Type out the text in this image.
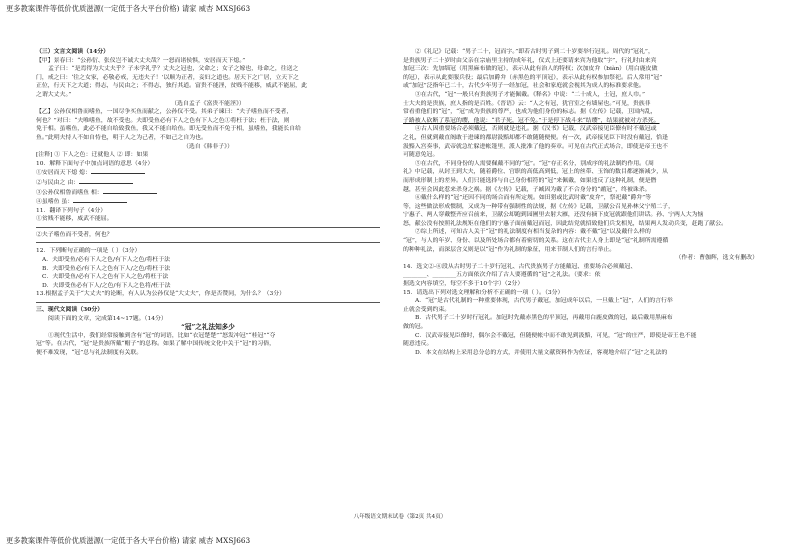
更多教案课件等低价优质滋源(一定低于各大平台价格) 请家 威杏 MXSJ663

（三）文言文阅读（14分）

【甲】景春曰：“公孙衍、张仪岂不诚大丈夫哉？一怒而诸侯惧，安居而天下熄。”

孟子曰：“是焉得为大丈夫乎？子未学礼乎？丈夫之冠也，父命之；女子之嫁也，母命之，往送之

门，戒之曰：‘往之女家，必敬必戒，无违夫子！’以顺为正者，妾妇之道也。居天下之广居，立天下之

正位，行天下之大道；得志，与民由之；不得志，独行其道。富贵不能淫，贫贱不能移，威武不能屈，此

之谓大丈夫。”

（选自孟子《富贵不能淫》）

【乙】公孙仪相鲁而嗜鱼，一国尽争买鱼而献之，公孙仪不受。其弟子谏曰：“夫子嗜鱼而不受者，

何也？”对曰：“夫唯嗜鱼，故不受也。夫即受鱼必有下人之色有下人之色①将枉于法；枉于法，则

免于相。虽嗜鱼，此必不能自给致我鱼，我又不能自给鱼。即无受鱼而不免于相，虽嗜鱼，我能长自给

鱼。”此明夫恃人不如自恃也，明于人之为己者，不如己之自为也。

（选自《韩非子》）

[注释] ① 下人之色：迁就他人 ② 即：如果

10．解释下面句子中加点词语的意思（4分）

①安居而天下熄 熄：

②与民由之 由：

③公孙仪相鲁而嗜鱼 相：

④虽嗜鱼 虽：

11．翻译下列句子（4分）

①贫贱不能移，威武不能屈。

②夫子嗜鱼而不受者，何也？

12．下列断句正确的一项是（ ）（3分）

A．夫即受鱼/必有下人之色/有下人之色/将枉于法

B．夫即受鱼必/有下人之色有下人/之色/将枉于法

C．夫即受鱼/必有下人之色有下人之色/将枉于法

D．夫即受鱼必有下人/之色/有下人之色将/枉于法

13.根据孟子关于“大丈夫”的论断，有人认为公孙仪是“大丈夫”，你是否赞同，为什么？（3分）

三、现代文阅读（30分）

阅读下面的文章，完成第14~17题。（14分）

“冠”之礼法知多少

①现代生活中，我们经常接触到含有“冠”的词语，比如“衣冠楚楚”“怒发冲冠”“桂冠”“夺

冠”等。在古代，“冠”是贵族所戴“帽子”的总称。如果了解中国传统文化中关于“冠”的习俗，

便不难发现，“冠”总与礼法制度有关联。

②《礼记》记载：“男子二十，冠而字。”即若古时男子到二十岁要举行冠礼。周代的“冠礼”，

是贵族男子二十岁时由父亲在宗庙里主持的成年礼，仪式上还要请来宾为他取“字”，行礼时由来宾

加冠三次：先加缁冠（用黑麻布做的冠），表示从此有治人的特权；次加皮弁（biàn）（用白鹿皮做

的冠），表示从此要服兵役；最后加爵弁（赤黑色的平顶冠），表示从此有权参加祭祀。后人常用“冠”

或“加冠”泛指年已二十，古代少年男子一经加冠，社会和家庭就会视其为成人的标准要求他。

③在古代，“冠”一般只有贵族男子才能佩戴。《释名》中说：“二十成人，士冠，庶人巾。”

士大夫的是贵族，庶人指的是百姓。《晋语》云：“人之有冠，犹宫室之有墙屋也。”可见，贵族非

常看重他们的“冠”，“冠”成为贵族的尊严，也成为他们身份的标志。据《左传》记载，卫国内乱，

子路被人砍断了系冠的缨，他说：“君子死，冠不免。”于是停下战斗来“结缨”，结果就被对方杀死。

④古人因重要场合必须戴冠，否则就是违礼。据《汉书》记载，汉武帝接见臣僚有时不戴冠或

之礼，但就到戴直阁敢于进谏的都尉汲黯却都不敢随随便便。有一次，武帝接见臣下时没有戴冠，恰逢

汲黯入宫奏事，武帝就急忙躲进帐篷里，派人批准了他的奏章。可见在古代正式场合，即使是帝王也不

可随意免冠。

⑤在古代，不同身份的人需要佩戴不同的“冠”。“冠”存正名分，别成序的礼法制约作用。《周

礼》中记载，从封王到大夫，随着爵位、官职的高低高到低，冠上的丝带、玉饰的数目都逐渐减少，从

而形成形制上的差异。人们只能选择与自己身份相符的“冠”来佩戴，如果违反了这种礼制，便是僭

越，甚至会因此惹来杀身之祸。据《左传》记载，子臧因为戴了不合身分的“鹬冠”，终被诛杀。

⑥戴什么样的“冠”还因不同的场合而有所定规。如田猎或比武时戴“皮弁”，祭祀戴“爵弁”等

等，这些做法形成惯制，又成为一种带有强制性的法规，据《左传》记载，卫献公召见孙林父宁殖二子，

宁惠子、两人穿戴整齐应召前来，卫献公却跑到园圃里去射大雁，还没有摘下皮冠就跟他们讲话。孙、宁两人大为恼

怒，献公没有按照礼法规矩在他们的宁惠子面前戴冠而冠，因此结党就招致他们兵戈相见，结果两人发动兵变，赶跑了献公。

⑦综上所述，可知古人关于“冠”的礼法制度有相当复杂的内容：戴不戴“冠”以及戴什么样的

“冠”，与人的年岁、身份、以及所处场合都有着密切的关系。这在古代主人身上即是“冠”礼制所需遵循

的种种礼法，而深层含义则是以“冠”作为礼制的象征，用来节制人们的言行举止。

（作者：曹伽辉，选文有删改）

14．选文②-⑥段从古时男子二十岁行冠礼、古代贵族男子方能戴冠、重要场合必须戴冠、

________、________五方面依次介绍了古人要遵循的“冠”之礼法。（要求：依

据选文内容填空，每空不多于10个字）（2分）

15．请选出下列对选文理解和分析不正确的一项（ ）。（3分）

A．“冠”是古代礼制的一种重要体现，古代男子戴冠，加冠成年以后，一旦戴上“冠”，人们的言行举

止就会受到约束。

B．古代男子二十岁时行冠礼。加冠时先戴赤黑色的平顶冠，再戴用白鹿皮做的冠，最后戴用黑麻布

做的冠。

C．汉武帝接见臣僚时，偶尔会不戴冠，但随便帐中而不敢见到汲黯，可见，“冠”的庄严，即使是帝王也不能

随意违反。

D．本文在结构上采用总分总的方式，并使用大量文献资料作为佐证，客观地介绍了“冠”之礼法的

八年级语文期末试卷（第2页 共4页）
更多教案课件等低价优质滋源(一定低于各大平台价格) 请家 威杏 MXSJ663
